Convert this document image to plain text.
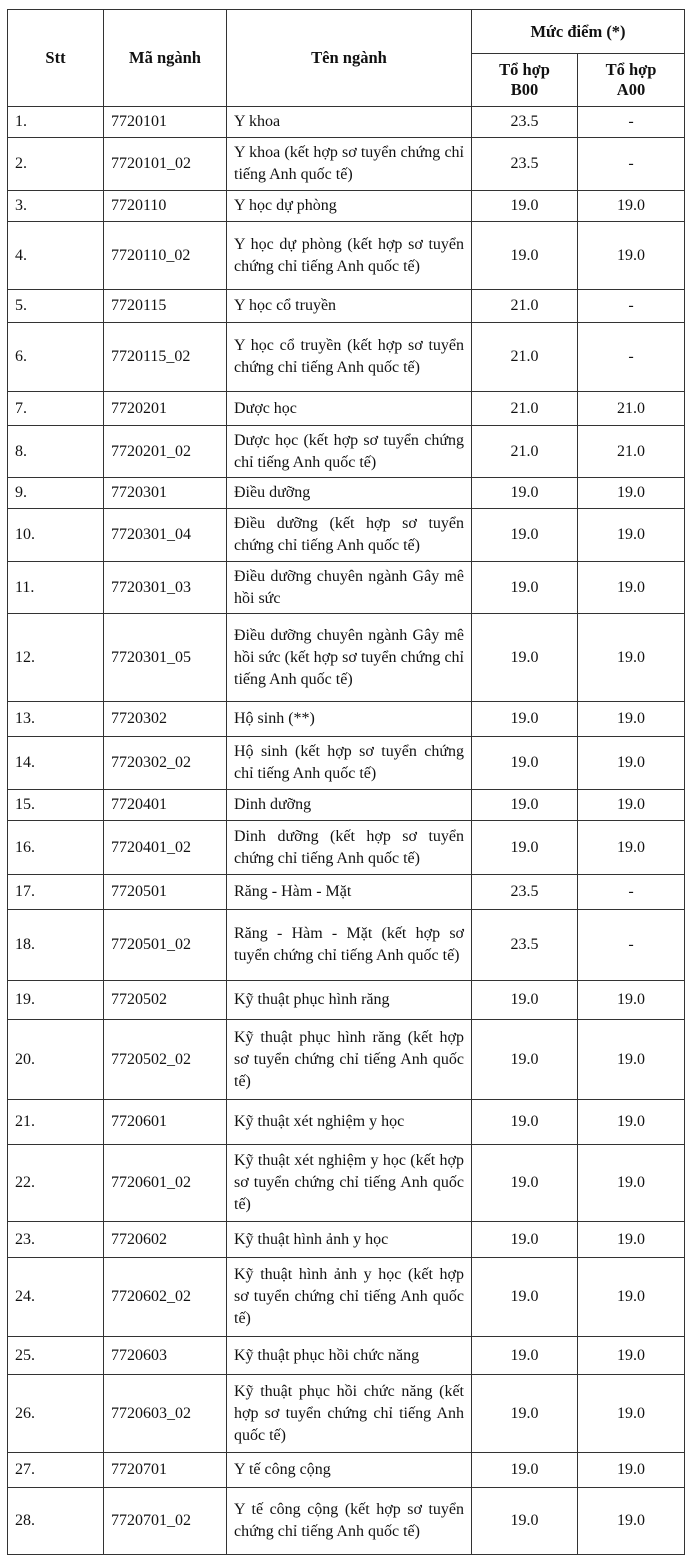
Stt	Mã ngành	Tên ngành	Mức điểm (*)	
			Tổ hợp B00	Tổ hợp A00
1.	7720101	Y khoa	23.5	-
2.	7720101_02	Y khoa (kết hợp sơ tuyển chứng chỉ tiếng Anh quốc tế)	23.5	-
3.	7720110	Y học dự phòng	19.0	19.0
4.	7720110_02	Y học dự phòng (kết hợp sơ tuyển chứng chỉ tiếng Anh quốc tế)	19.0	19.0
5.	7720115	Y học cổ truyền	21.0	-
6.	7720115_02	Y học cổ truyền (kết hợp sơ tuyển chứng chỉ tiếng Anh quốc tế)	21.0	-
7.	7720201	Dược học	21.0	21.0
8.	7720201_02	Dược học (kết hợp sơ tuyển chứng chỉ tiếng Anh quốc tế)	21.0	21.0
9.	7720301	Điều dưỡng	19.0	19.0
10.	7720301_04	Điều dưỡng (kết hợp sơ tuyển chứng chỉ tiếng Anh quốc tế)	19.0	19.0
11.	7720301_03	Điều dưỡng chuyên ngành Gây mê hồi sức	19.0	19.0
12.	7720301_05	Điều dưỡng chuyên ngành Gây mê hồi sức (kết hợp sơ tuyển chứng chỉ tiếng Anh quốc tế)	19.0	19.0
13.	7720302	Hộ sinh (**)	19.0	19.0
14.	7720302_02	Hộ sinh (kết hợp sơ tuyển chứng chỉ tiếng Anh quốc tế)	19.0	19.0
15.	7720401	Dinh dưỡng	19.0	19.0
16.	7720401_02	Dinh dưỡng (kết hợp sơ tuyển chứng chỉ tiếng Anh quốc tế)	19.0	19.0
17.	7720501	Răng - Hàm - Mặt	23.5	-
18.	7720501_02	Răng - Hàm - Mặt (kết hợp sơ tuyển chứng chỉ tiếng Anh quốc tế)	23.5	-
19.	7720502	Kỹ thuật phục hình răng	19.0	19.0
20.	7720502_02	Kỹ thuật phục hình răng (kết hợp sơ tuyển chứng chỉ tiếng Anh quốc tế)	19.0	19.0
21.	7720601	Kỹ thuật xét nghiệm y học	19.0	19.0
22.	7720601_02	Kỹ thuật xét nghiệm y học (kết hợp sơ tuyển chứng chỉ tiếng Anh quốc tế)	19.0	19.0
23.	7720602	Kỹ thuật hình ảnh y học	19.0	19.0
24.	7720602_02	Kỹ thuật hình ảnh y học (kết hợp sơ tuyển chứng chỉ tiếng Anh quốc tế)	19.0	19.0
25.	7720603	Kỹ thuật phục hồi chức năng	19.0	19.0
26.	7720603_02	Kỹ thuật phục hồi chức năng (kết hợp sơ tuyển chứng chỉ tiếng Anh quốc tế)	19.0	19.0
27.	7720701	Y tế công cộng	19.0	19.0
28.	7720701_02	Y tế công cộng (kết hợp sơ tuyển chứng chỉ tiếng Anh quốc tế)	19.0	19.0
